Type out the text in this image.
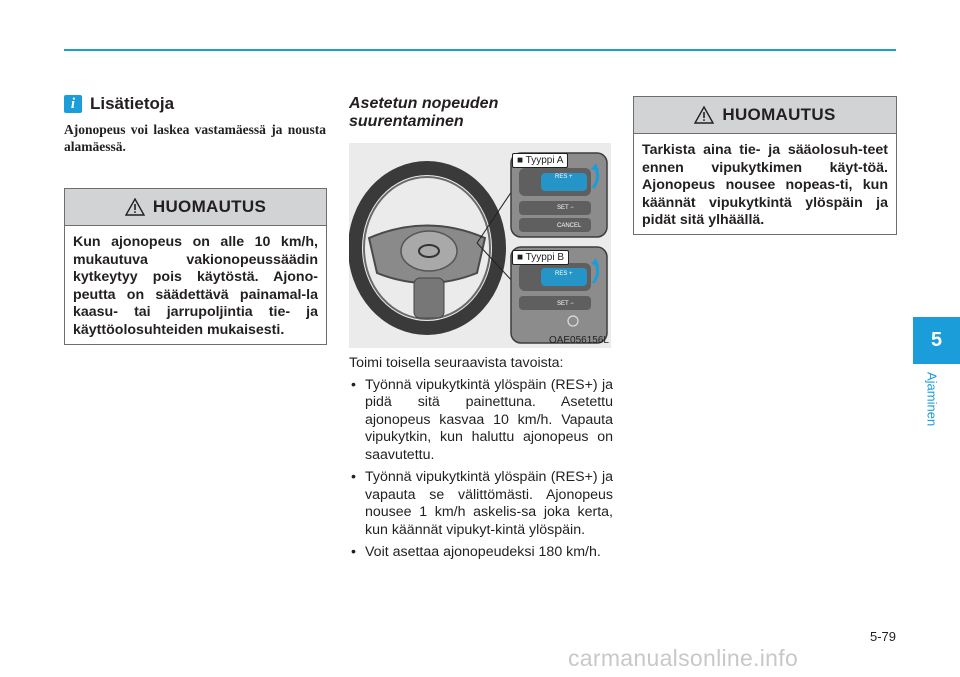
i Lisätietoja
Ajonopeus voi laskea vastamäessä ja nousta alamäessä.
HUOMAUTUS
Kun ajonopeus on alle 10 km/h, mukautuva vakionopeussäädin kytkeytyy pois käytöstä. Ajono-peutta on säädettävä painamal-la kaasu- tai jarrupoljintia tie- ja käyttöolosuhteiden mukaisesti.
Asetetun nopeuden suurentaminen
RES +
SET −
CANCEL
RES +
SET −
■ Tyyppi A
■ Tyyppi B
OAE056156L

Toimi toisella seuraavista tavoista:

• Työnnä vipukytkintä ylöspäin (RES+) ja pidä sitä painettuna. Asetettu ajonopeus kasvaa 10 km/h. Vapauta vipukytkin, kun haluttu ajonopeus on saavutettu.
• Työnnä vipukytkintä ylöspäin (RES+) ja vapauta se välittömästi. Ajonopeus nousee 1 km/h askelis-sa joka kerta, kun käännät vipukyt-kintä ylöspäin.
• Voit asettaa ajonopeudeksi 180 km/h.
HUOMAUTUS
Tarkista aina tie- ja sääolosuh-teet ennen vipukytkimen käyt-töä. Ajonopeus nousee nopeas-ti, kun käännät vipukytkintä ylöspäin ja pidät sitä ylhäällä.
5
Ajaminen
5-79
carmanualsonline.info
